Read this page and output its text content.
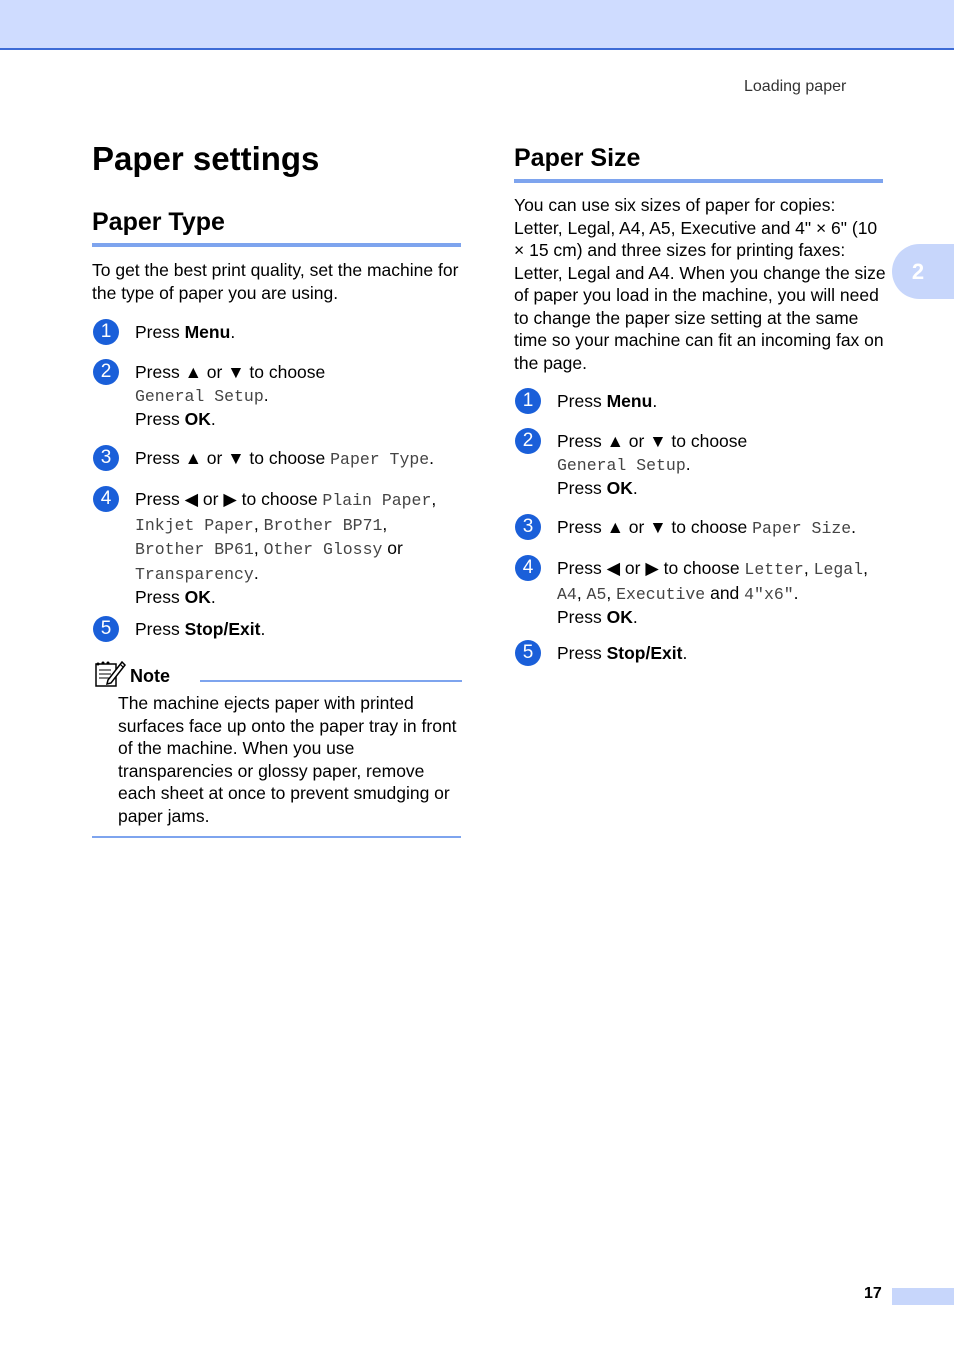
Loading paper
2
Paper settings
Paper Type

To get the best print quality, set the machine for the type of paper you are using.

1	Press Menu.
2	Press ▲ or ▼ to choose
General Setup.
Press OK.
3	Press ▲ or ▼ to choose Paper Type.
4	Press ◀ or ▶ to choose Plain Paper,
Inkjet Paper, Brother BP71,
Brother BP61, Other Glossy or
Transparency.
Press OK.
5	Press Stop/Exit.
Note
The machine ejects paper with printed surfaces face up onto the paper tray in front of the machine. When you use transparencies or glossy paper, remove each sheet at once to prevent smudging or paper jams.
Paper Size

You can use six sizes of paper for copies: Letter, Legal, A4, A5, Executive and 4" × 6" (10 × 15 cm) and three sizes for printing faxes: Letter, Legal and A4. When you change the size of paper you load in the machine, you will need to change the paper size setting at the same time so your machine can fit an incoming fax on the page.

1	Press Menu.
2	Press ▲ or ▼ to choose
General Setup.
Press OK.
3	Press ▲ or ▼ to choose Paper Size.
4	Press ◀ or ▶ to choose Letter, Legal,
A4, A5, Executive and 4"x6".
Press OK.
5	Press Stop/Exit.
17
